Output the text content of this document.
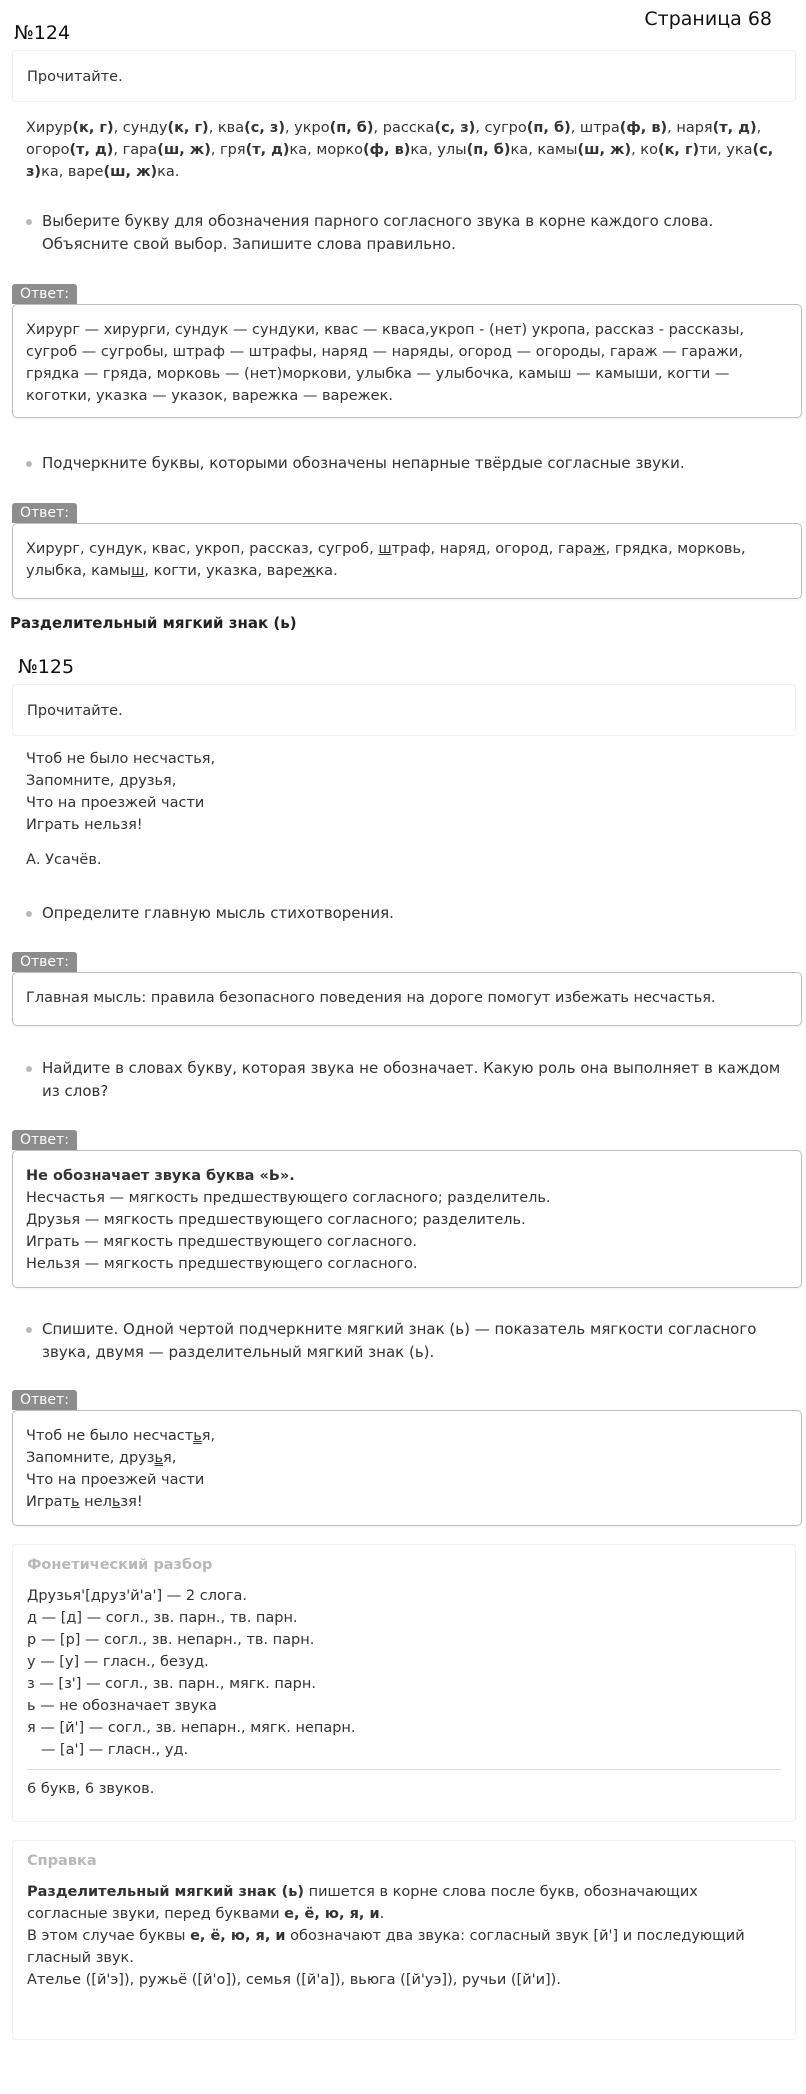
Страница 68
№124
Прочитайте.
Хирур(к, г), сунду(к, г), ква(с, з), укро(п, б), расска(с, з), сугро(п, б), штра(ф, в), наря(т, д), огоро(т, д), гара(ш, ж), гря(т, д)ка, морко(ф, в)ка, улы(п, б)ка, камы(ш, ж), ко(к, г)ти, ука(с, з)ка, варе(ш, ж)ка.
Выберите букву для обозначения парного согласного звука в корне каждого слова. Объясните свой выбор. Запишите слова правильно.
Ответ:
Хирург — хирурги, сундук — сундуки, квас — кваса,укроп - (нет) укропа, рассказ - рассказы, сугроб — сугробы, штраф — штрафы, наряд — наряды, огород — огороды, гараж — гаражи, грядка — гряда, морковь — (нет)моркови, улыбка — улыбочка, камыш — камыши, когти — коготки, указка — указок, варежка — варежек.
Подчеркните буквы, которыми обозначены непарные твёрдые согласные звуки.
Ответ:
Хирург, сундук, квас, укроп, рассказ, сугроб, штраф, наряд, огород, гараж, грядка, морковь, улыбка, камыш, когти, указка, варежка.
Разделительный мягкий знак (ь)
№125
Прочитайте.
Чтоб не было несчастья,
Запомните, друзья,
Что на проезжей части
Играть нельзя!
А. Усачёв.
Определите главную мысль стихотворения.
Ответ:
Главная мысль: правила безопасного поведения на дороге помогут избежать несчастья.
Найдите в словах букву, которая звука не обозначает. Какую роль она выполняет в каждом из слов?
Ответ:
Не обозначает звука буква «Ь».
Несчастья — мягкость предшествующего согласного; разделитель.
Друзья — мягкость предшествующего согласного; разделитель.
Играть — мягкость предшествующего согласного.
Нельзя — мягкость предшествующего согласного.
Спишите. Одной чертой подчеркните мягкий знак (ь) — показатель мягкости согласного звука, двумя — разделительный мягкий знак (ь).
Ответ:
Чтоб не было несчастья,
Запомните, друзья,
Что на проезжей части
Играть нельзя!
Фонетический разбор
Друзья'[друз'й'а'] — 2 слога.
д — [д] — согл., зв. парн., тв. парн.
р — [р] — согл., зв. непарн., тв. парн.
у — [у] — гласн., безуд.
з — [з'] — согл., зв. парн., мягк. парн.
ь — не обозначает звука
я — [й'] — согл., зв. непарн., мягк. непарн.
— [а'] — гласн., уд.
6 букв, 6 звуков.
Справка
Разделительный мягкий знак (ь) пишется в корне слова после букв, обозначающих согласные звуки, перед буквами е, ё, ю, я, и.
В этом случае буквы е, ё, ю, я, и обозначают два звука: согласный звук [й'] и последующий гласный звук.
Ателье ([й'э]), ружьё ([й'о]), семья ([й'а]), вьюга ([й'уэ]), ручьи ([й'и]).
